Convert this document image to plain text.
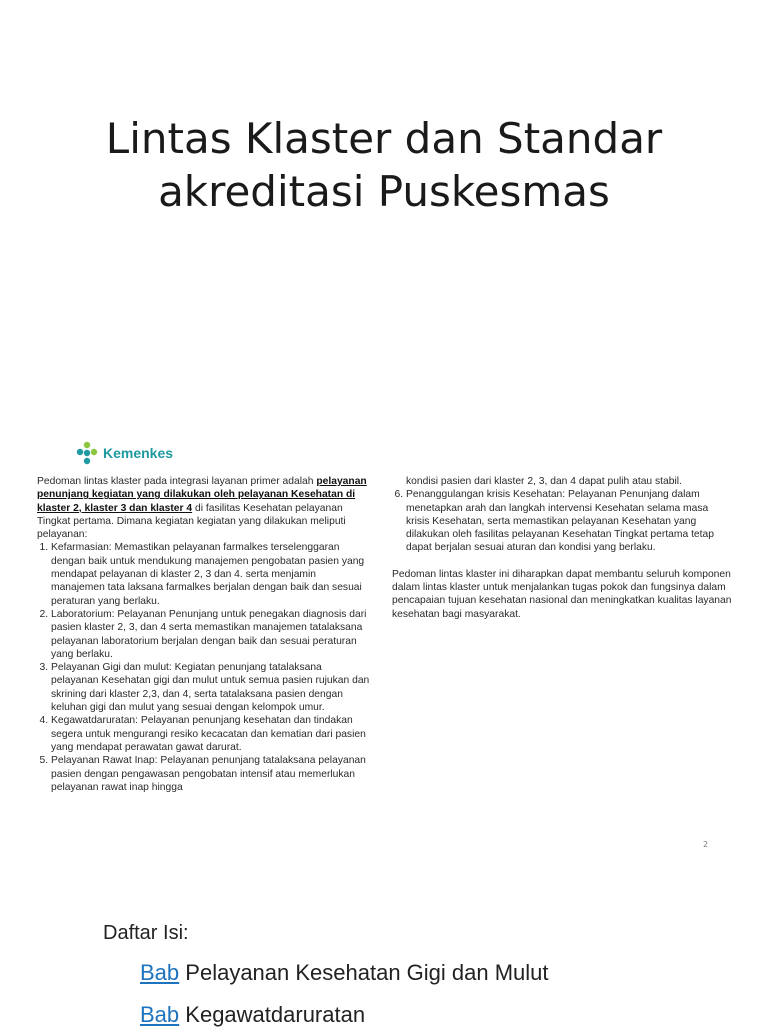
Lintas Klaster dan Standar
akreditasi Puskesmas
Kemenkes

Pedoman lintas klaster pada integrasi layanan primer adalah pelayanan penunjang kegiatan yang dilakukan oleh pelayanan Kesehatan di klaster 2, klaster 3 dan klaster 4 di fasilitas Kesehatan pelayanan Tingkat pertama. Dimana kegiatan kegiatan yang dilakukan meliputi pelayanan:

1. Kefarmasian: Memastikan pelayanan farmalkes terselenggaran dengan baik untuk mendukung manajemen pengobatan pasien yang mendapat pelayanan di klaster 2, 3 dan 4. serta menjamin manajemen tata laksana farmalkes berjalan dengan baik dan sesuai peraturan yang berlaku.
2. Laboratorium: Pelayanan Penunjang untuk penegakan diagnosis dari pasien klaster 2, 3, dan 4 serta memastikan manajemen tatalaksana pelayanan laboratorium berjalan dengan baik dan sesuai peraturan yang berlaku.
3. Pelayanan Gigi dan mulut: Kegiatan penunjang tatalaksana pelayanan Kesehatan gigi dan mulut untuk semua pasien rujukan dan skrining dari klaster 2,3, dan 4, serta tatalaksana pasien dengan keluhan gigi dan mulut yang sesuai dengan kelompok umur.
4. Kegawatdaruratan: Pelayanan penunjang kesehatan dan tindakan segera untuk mengurangi resiko kecacatan dan kematian dari pasien yang mendapat perawatan gawat darurat.
5. Pelayanan Rawat Inap: Pelayanan penunjang tatalaksana pelayanan pasien dengan pengawasan pengobatan intensif atau memerlukan pelayanan rawat inap hingga

kondisi pasien dari klaster 2, 3, dan 4 dapat pulih atau stabil.

6. Penanggulangan krisis Kesehatan: Pelayanan Penunjang dalam menetapkan arah dan langkah intervensi Kesehatan selama masa krisis Kesehatan, serta memastikan pelayanan Kesehatan yang dilakukan oleh fasilitas pelayanan Kesehatan Tingkat pertama tetap dapat berjalan sesuai aturan dan kondisi yang berlaku.

Pedoman lintas klaster ini diharapkan dapat membantu seluruh komponen dalam lintas klaster untuk menjalankan tugas pokok dan fungsinya dalam pencapaian tujuan kesehatan nasional dan meningkatkan kualitas layanan kesehatan bagi masyarakat.

2
Daftar Isi:
Bab Pelayanan Kesehatan Gigi dan Mulut
Bab Kegawatdaruratan
